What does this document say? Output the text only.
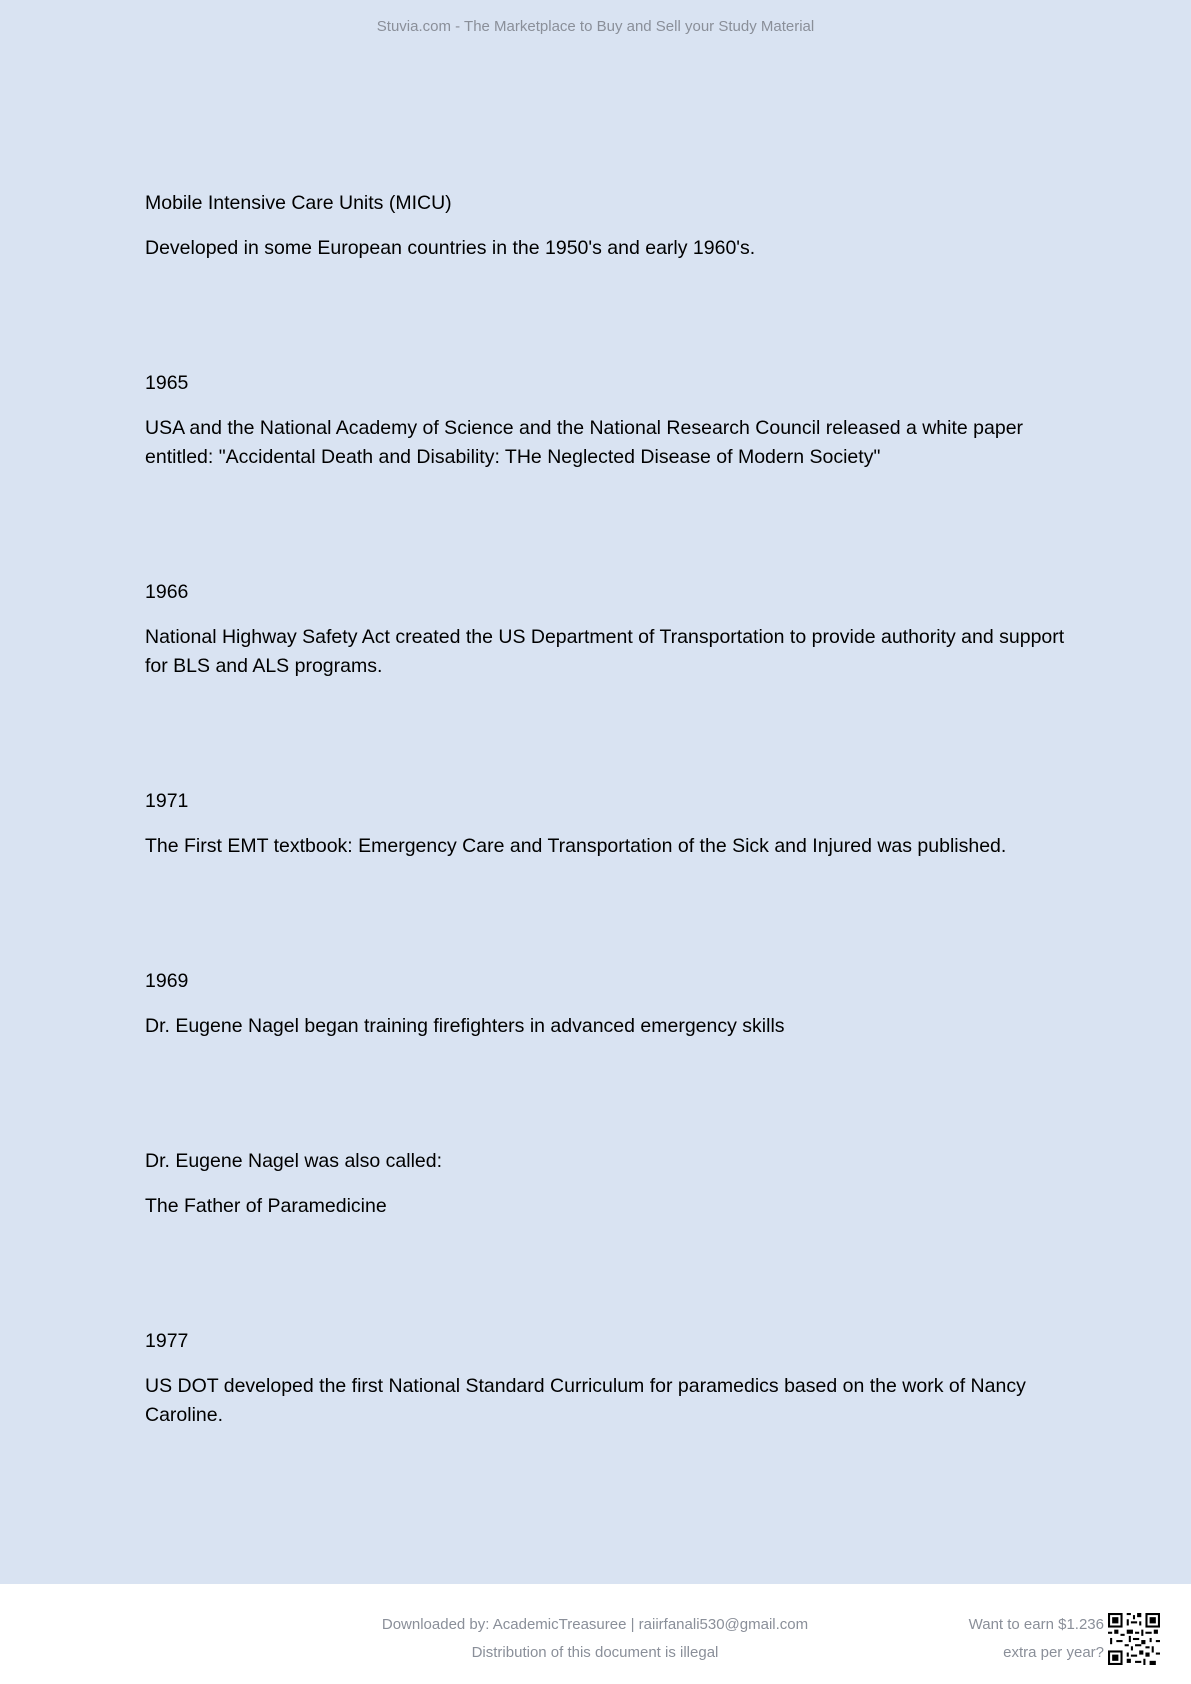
Stuvia.com - The Marketplace to Buy and Sell your Study Material

Mobile Intensive Care Units (MICU)

Developed in some European countries in the 1950's and early 1960's.

1965

USA and the National Academy of Science and the National Research Council released a white paper entitled: "Accidental Death and Disability: THe Neglected Disease of Modern Society"

1966

National Highway Safety Act created the US Department of Transportation to provide authority and support for BLS and ALS programs.

1971

The First EMT textbook: Emergency Care and Transportation of the Sick and Injured was published.

1969

Dr. Eugene Nagel began training firefighters in advanced emergency skills

Dr. Eugene Nagel was also called:

The Father of Paramedicine

1977

US DOT developed the first National Standard Curriculum for paramedics based on the work of Nancy Caroline.

Downloaded by: AcademicTreasuree | raiirfanali530@gmail.com
Distribution of this document is illegal
Want to earn $1.236
extra per year?
